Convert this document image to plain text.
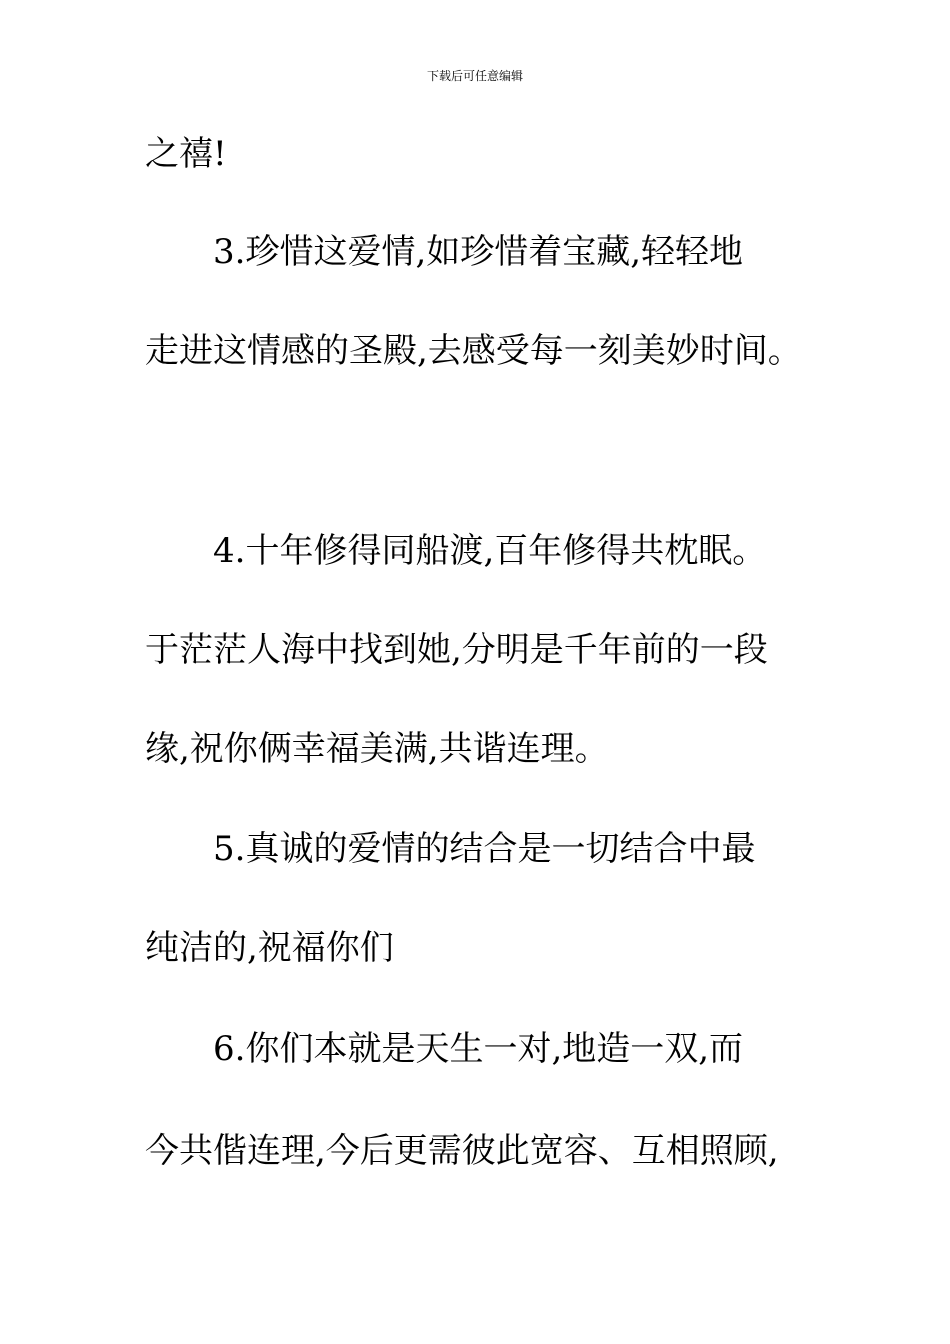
下载后可任意编辑
之禧!
3.珍惜这爱情,如珍惜着宝藏,轻轻地
走进这情感的圣殿,去感受每一刻美妙时间。
4.十年修得同船渡,百年修得共枕眠。
于茫茫人海中找到她,分明是千年前的一段
缘,祝你俩幸福美满,共谐连理。
5.真诚的爱情的结合是一切结合中最
纯洁的,祝福你们
6.你们本就是天生一对,地造一双,而
今共偕连理,今后更需彼此宽容、互相照顾,
